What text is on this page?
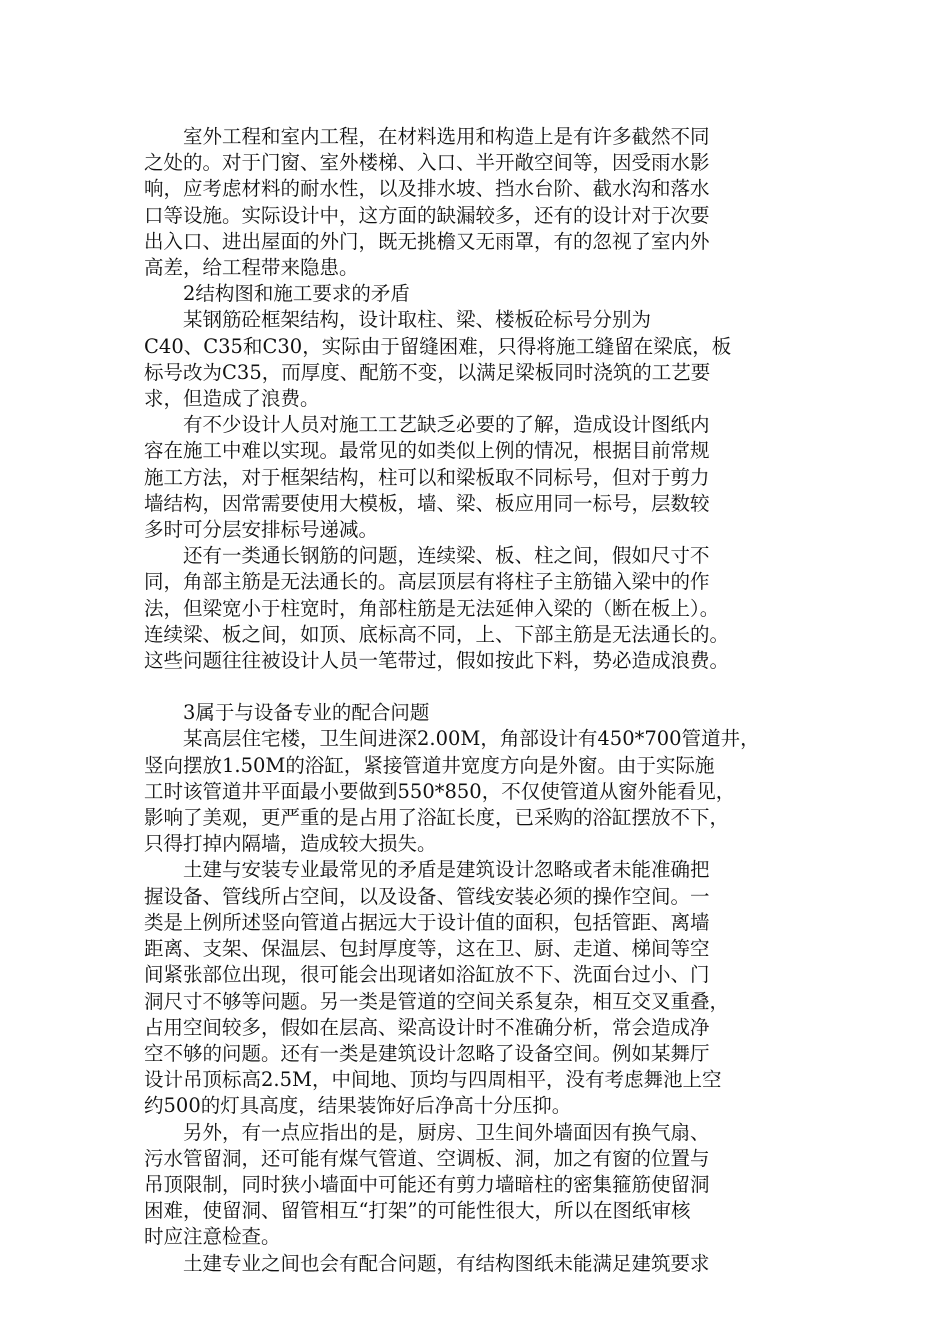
　　室外工程和室内工程，在材料选用和构造上是有许多截然不同
之处的。对于门窗、室外楼梯、入口、半开敞空间等，因受雨水影
响，应考虑材料的耐水性，以及排水坡、挡水台阶、截水沟和落水
口等设施。实际设计中，这方面的缺漏较多，还有的设计对于次要
出入口、进出屋面的外门，既无挑檐又无雨罩，有的忽视了室内外
高差，给工程带来隐患。

　　2结构图和施工要求的矛盾

　　某钢筋砼框架结构，设计取柱、梁、楼板砼标号分别为
C40、C35和C30，实际由于留缝困难，只得将施工缝留在梁底，板
标号改为C35，而厚度、配筋不变，以满足梁板同时浇筑的工艺要
求，但造成了浪费。

　　有不少设计人员对施工工艺缺乏必要的了解，造成设计图纸内
容在施工中难以实现。最常见的如类似上例的情况，根据目前常规
施工方法，对于框架结构，柱可以和梁板取不同标号，但对于剪力
墙结构，因常需要使用大模板，墙、梁、板应用同一标号，层数较
多时可分层安排标号递减。

　　还有一类通长钢筋的问题，连续梁、板、柱之间，假如尺寸不
同，角部主筋是无法通长的。高层顶层有将柱子主筋锚入梁中的作
法，但梁宽小于柱宽时，角部柱筋是无法延伸入梁的（断在板上）。
连续梁、板之间，如顶、底标高不同，上、下部主筋是无法通长的。
这些问题往往被设计人员一笔带过，假如按此下料，势必造成浪费。

　　3属于与设备专业的配合问题

　　某高层住宅楼，卫生间进深2.00M，角部设计有450*700管道井，
竖向摆放1.50M的浴缸，紧接管道井宽度方向是外窗。由于实际施
工时该管道井平面最小要做到550*850，不仅使管道从窗外能看见，
影响了美观，更严重的是占用了浴缸长度，已采购的浴缸摆放不下，
只得打掉内隔墙，造成较大损失。

　　土建与安装专业最常见的矛盾是建筑设计忽略或者未能准确把
握设备、管线所占空间，以及设备、管线安装必须的操作空间。一
类是上例所述竖向管道占据远大于设计值的面积，包括管距、离墙
距离、支架、保温层、包封厚度等，这在卫、厨、走道、梯间等空
间紧张部位出现，很可能会出现诸如浴缸放不下、洗面台过小、门
洞尺寸不够等问题。另一类是管道的空间关系复杂，相互交叉重叠，
占用空间较多，假如在层高、梁高设计时不准确分析，常会造成净
空不够的问题。还有一类是建筑设计忽略了设备空间。例如某舞厅
设计吊顶标高2.5M，中间地、顶均与四周相平，没有考虑舞池上空
约500的灯具高度，结果装饰好后净高十分压抑。

　　另外，有一点应指出的是，厨房、卫生间外墙面因有换气扇、
污水管留洞，还可能有煤气管道、空调板、洞，加之有窗的位置与
吊顶限制，同时狭小墙面中可能还有剪力墙暗柱的密集箍筋使留洞
困难，使留洞、留管相互“打架”的可能性很大，所以在图纸审核
时应注意检查。

　　土建专业之间也会有配合问题，有结构图纸未能满足建筑要求
